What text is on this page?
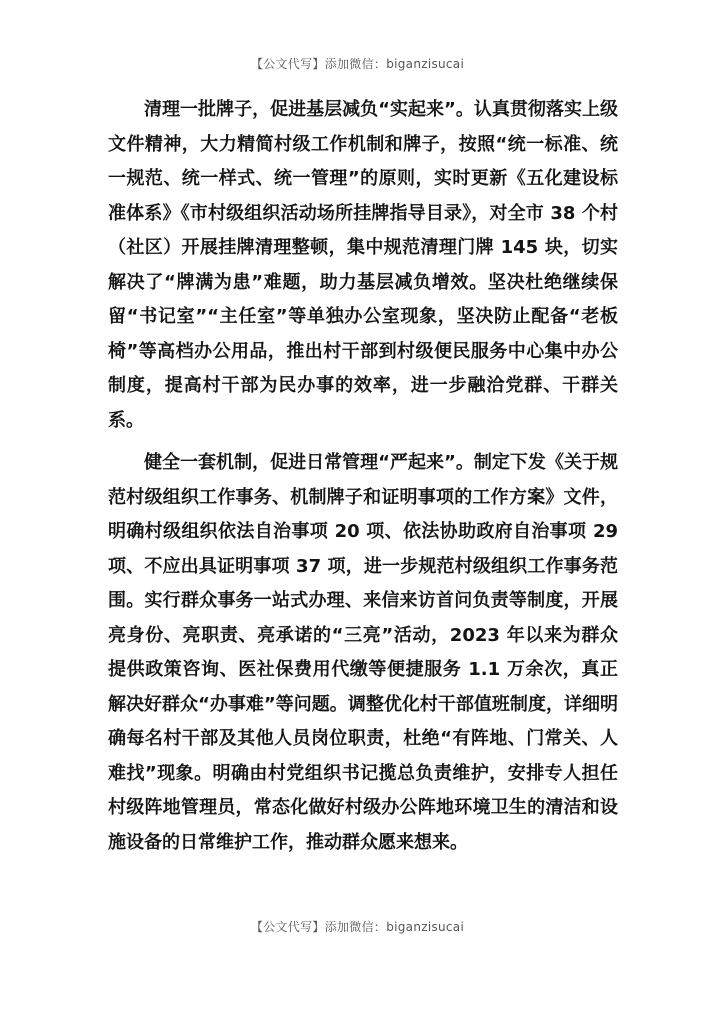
【公文代写】添加微信：biganzisucai

清理一批牌子，促进基层减负“实起来”。认真贯彻落实上级文件精神，大力精简村级工作机制和牌子，按照“统一标准、统一规范、统一样式、统一管理”的原则，实时更新《五化建设标准体系》《市村级组织活动场所挂牌指导目录》，对全市 38 个村（社区）开展挂牌清理整顿，集中规范清理门牌 145 块，切实解决了“牌满为患”难题，助力基层减负增效。坚决杜绝继续保留“书记室”“主任室”等单独办公室现象，坚决防止配备“老板椅”等高档办公用品，推出村干部到村级便民服务中心集中办公制度，提高村干部为民办事的效率，进一步融洽党群、干群关系。

健全一套机制，促进日常管理“严起来”。制定下发《关于规范村级组织工作事务、机制牌子和证明事项的工作方案》文件，明确村级组织依法自治事项 20 项、依法协助政府自治事项 29 项、不应出具证明事项 37 项，进一步规范村级组织工作事务范围。实行群众事务一站式办理、来信来访首问负责等制度，开展亮身份、亮职责、亮承诺的“三亮”活动，2023 年以来为群众提供政策咨询、医社保费用代缴等便捷服务 1.1 万余次，真正解决好群众“办事难”等问题。调整优化村干部值班制度，详细明确每名村干部及其他人员岗位职责，杜绝“有阵地、门常关、人难找”现象。明确由村党组织书记揽总负责维护，安排专人担任村级阵地管理员，常态化做好村级办公阵地环境卫生的清洁和设施设备的日常维护工作，推动群众愿来想来。

【公文代写】添加微信：biganzisucai
